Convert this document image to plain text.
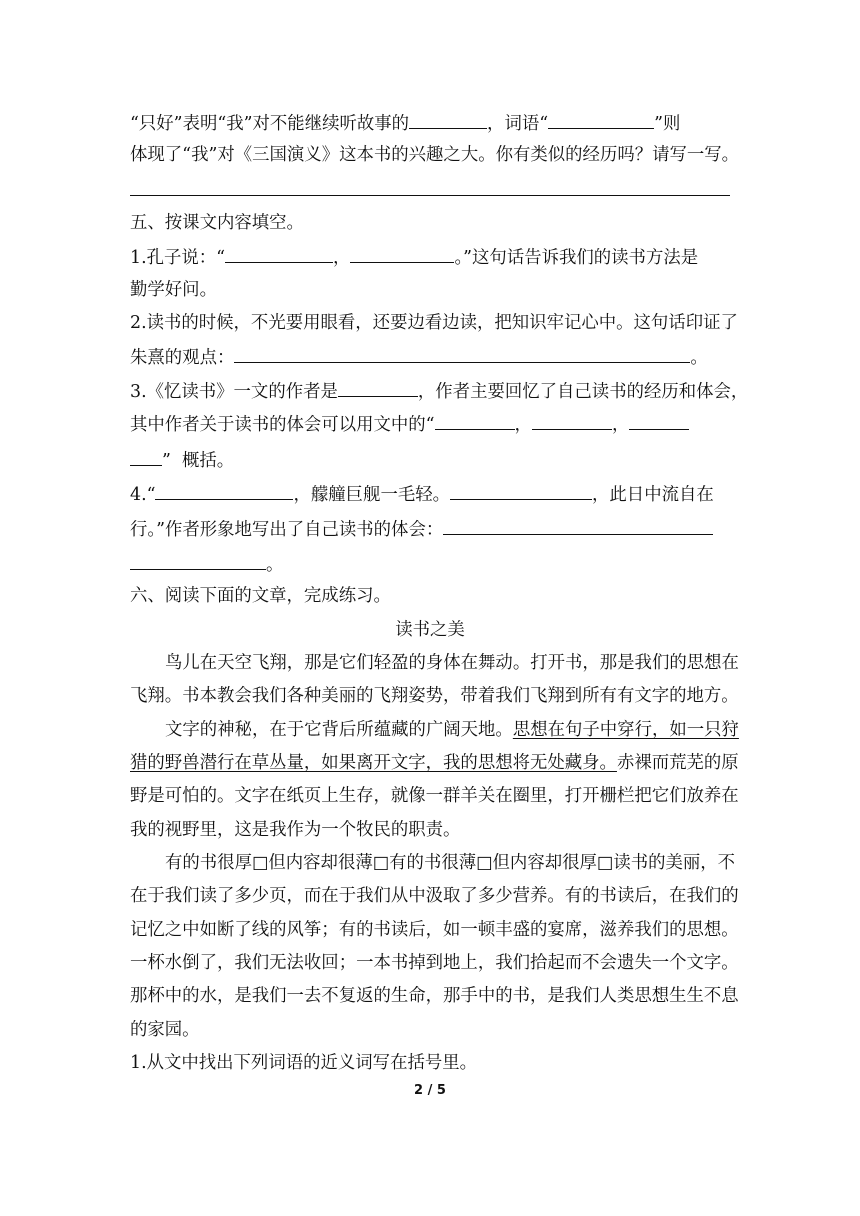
“只好”表明“我”对不能继续听故事的	，词语“	”则
体现了“我”对《三国演义》这本书的兴趣之大。你有类似的经历吗？请写一写。
五、按课文内容填空。
1.孔子说：“	，	。”这句话告诉我们的读书方法是
勤学好问。
2.读书的时候，不光要用眼看，还要边看边读，把知识牢记心中。这句话印证了
朱熹的观点：	。
3.《忆读书》一文的作者是	，作者主要回忆了自己读书的经历和体会，
其中作者关于读书的体会可以用文中的“	，	，
” 概括。
4.“	，艨艟巨舰一毛轻。	，此日中流自在
行。”作者形象地写出了自己读书的体会：
。
六、阅读下面的文章，完成练习。
读书之美
鸟儿在天空飞翔，那是它们轻盈的身体在舞动。打开书，那是我们的思想在
飞翔。书本教会我们各种美丽的飞翔姿势，带着我们飞翔到所有有文字的地方。
文字的神秘，在于它背后所蕴藏的广阔天地。思想在句子中穿行，如一只狩
猎的野兽潜行在草丛量，如果离开文字，我的思想将无处藏身。赤裸而荒芜的原
野是可怕的。文字在纸页上生存，就像一群羊关在圈里，打开栅栏把它们放养在
我的视野里，这是我作为一个牧民的职责。
有的书很厚□但内容却很薄□有的书很薄□但内容却很厚□读书的美丽，不
在于我们读了多少页，而在于我们从中汲取了多少营养。有的书读后，在我们的
记忆之中如断了线的风筝；有的书读后，如一顿丰盛的宴席，滋养我们的思想。
一杯水倒了，我们无法收回；一本书掉到地上，我们拾起而不会遗失一个文字。
那杯中的水，是我们一去不复返的生命，那手中的书，是我们人类思想生生不息
的家园。
1.从文中找出下列词语的近义词写在括号里。
2 / 5
